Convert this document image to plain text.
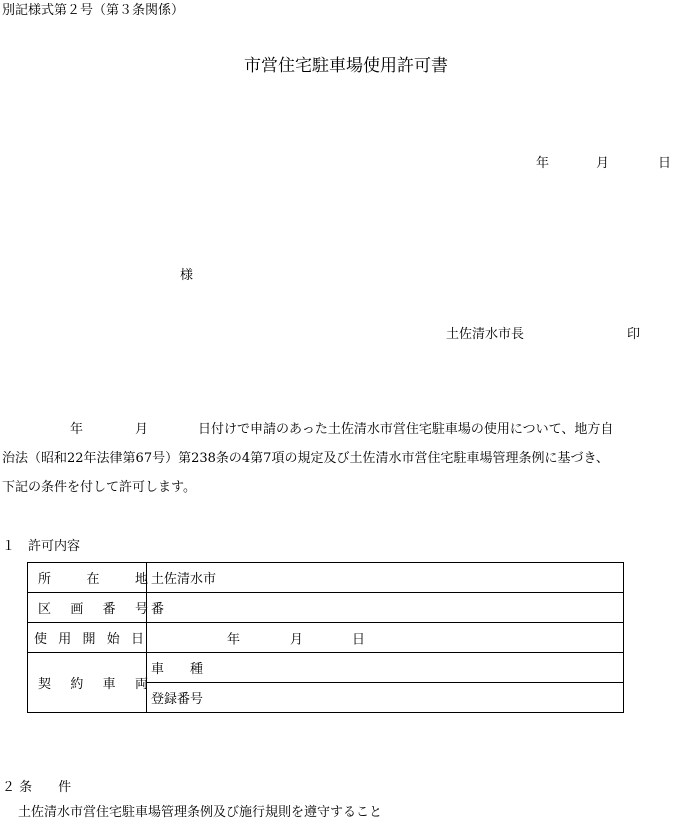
別記様式第２号（第３条関係）
市営住宅駐車場使用許可書
年	月	日
様
土佐清水市長	印
年	月	日付けで申請のあった土佐清水市営住宅駐車場の使用について、地方自
治法（昭和22年法律第67号）第238条の4第7項の規定及び土佐清水市営住宅駐車場管理条例に基づき、
下記の条件を付して許可します。
１　許可内容
所 在 地	土佐清水市

区 画 番 号	番

使 用 開 始 日	年 月 日

契 約 車 両	車　　種
	登録番号
２ 条　　件
土佐清水市営住宅駐車場管理条例及び施行規則を遵守すること
